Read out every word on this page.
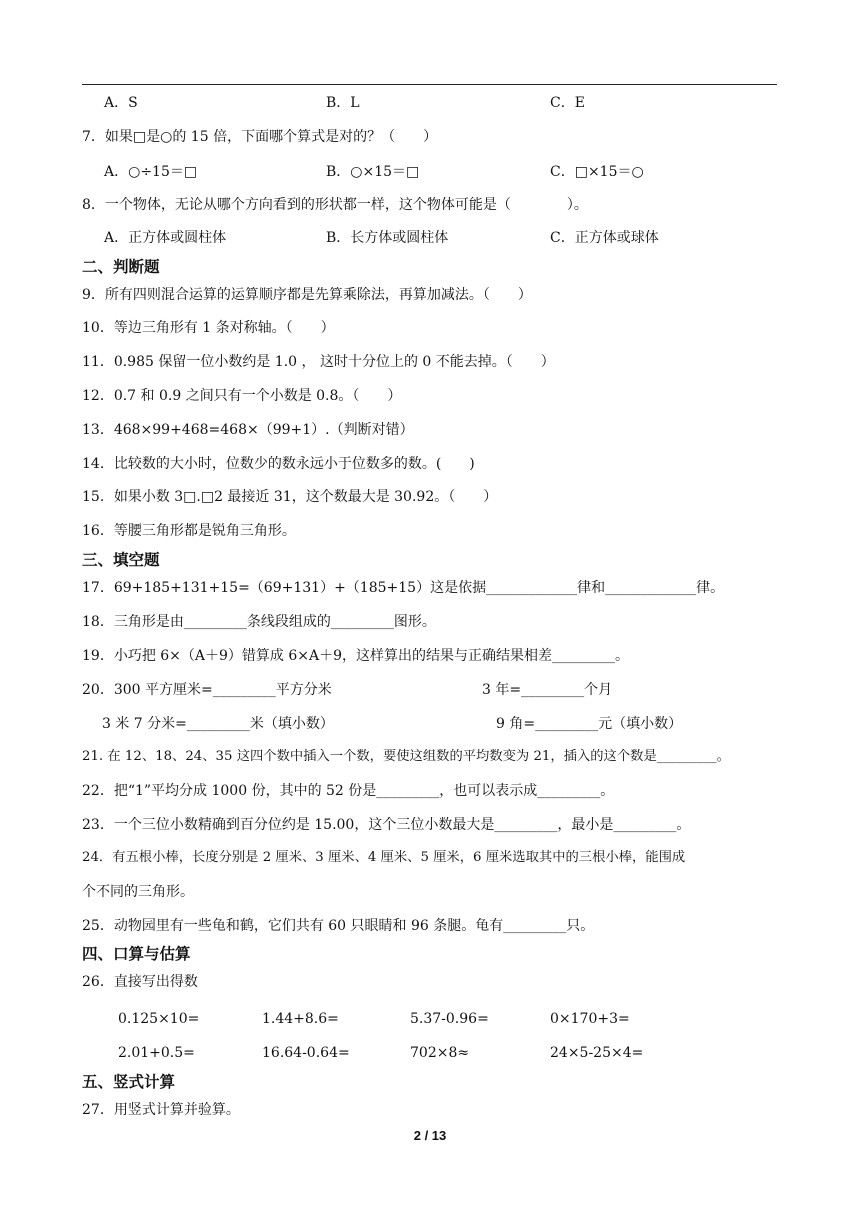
A．S	B．L	C．E
7．如果□是○的 15 倍，下面哪个算式是对的？（　　）
A．○÷15＝□	B．○×15＝□	C．□×15＝○
8．一个物体，无论从哪个方向看到的形状都一样，这个物体可能是（　　　　）。
A．正方体或圆柱体	B．长方体或圆柱体	C．正方体或球体
二、判断题
9．所有四则混合运算的运算顺序都是先算乘除法，再算加减法。（　　）
10．等边三角形有 1 条对称轴。（　　）
11．0.985 保留一位小数约是 1.0 ， 这时十分位上的 0 不能去掉。（　　）
12．0.7 和 0.9 之间只有一个小数是 0.8。（　　）
13．468×99+468=468×（99+1）.（判断对错）
14．比较数的大小时，位数少的数永远小于位数多的数。(　　)
15．如果小数 3□.□2 最接近 31，这个数最大是 30.92。（　　）
16．等腰三角形都是锐角三角形。
三、填空题
17．69+185+131+15=（69+131）+（185+15）这是依据_____________律和_____________律。
18．三角形是由_________条线段组成的_________图形。
19．小巧把 6×（A＋9）错算成 6×A＋9，这样算出的结果与正确结果相差_________。
20．300 平方厘米=_________平方分米	3 年=_________个月
3 米 7 分米=_________米（填小数）	9 角=_________元（填小数）
21. 在 12、18、24、35 这四个数中插入一个数，要使这组数的平均数变为 21，插入的这个数是_________。
22．把“1”平均分成 1000 份，其中的 52 份是_________，也可以表示成_________。
23．一个三位小数精确到百分位约是 15.00，这个三位小数最大是_________，最小是_________。
24．有五根小棒，长度分别是 2 厘米、3 厘米、4 厘米、5 厘米，6 厘米选取其中的三根小棒，能围成
个不同的三角形。
25．动物园里有一些龟和鹤，它们共有 60 只眼睛和 96 条腿。龟有_________只。
四、口算与估算
26．直接写出得数
0.125×10=	1.44+8.6=	5.37-0.96=	0×170+3=
2.01+0.5=	16.64-0.64=	702×8≈	24×5-25×4=
五、竖式计算
27．用竖式计算并验算。
2 / 13
